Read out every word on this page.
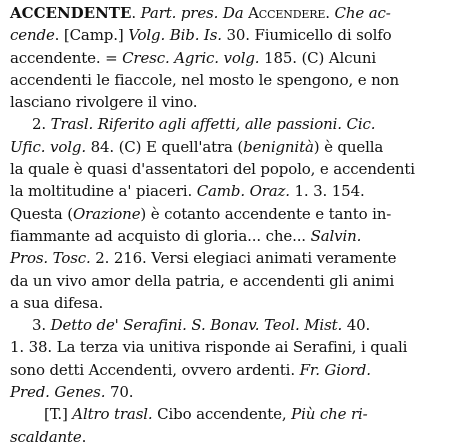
ACCENDENTE. Part. pres. Da Accendere. Che ac-
cende. [Camp.] Volg. Bib. Is. 30. Fiumicello di solfo
accendente. = Cresc. Agric. volg. 185. (C) Alcuni
accendenti le fiaccole, nel mosto le spengono, e non
lasciano rivolgere il vino.
2. Trasl. Riferito agli affetti, alle passioni. Cic.
Ufic. volg. 84. (C) E quell'atra (benignità) è quella
la quale è quasi d'assentatori del popolo, e accendenti
la moltitudine a' piaceri. Camb. Oraz. 1. 3. 154.
Questa (Orazione) è cotanto accendente e tanto in-
fiammante ad acquisto di gloria... che... Salvin.
Pros. Tosc. 2. 216. Versi elegiaci animati veramente
da un vivo amor della patria, e accendenti gli animi
a sua difesa.
3. Detto de' Serafini. S. Bonav. Teol. Mist. 40.
1. 38. La terza via unitiva risponde ai Serafini, i quali
sono detti Accendenti, ovvero ardenti. Fr. Giord.
Pred. Genes. 70.
[T.] Altro trasl. Cibo accendente, Più che ri-
scaldante.
